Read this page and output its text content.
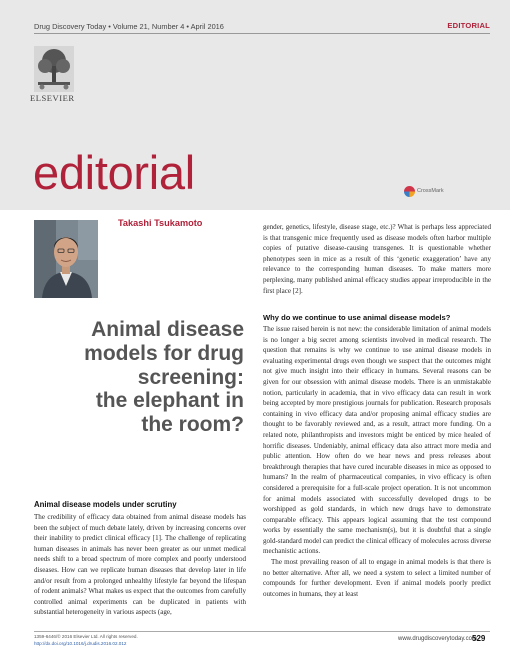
Drug Discovery Today • Volume 21, Number 4 • April 2016	EDITORIAL
ELSEVIER
editorial	CrossMark
Takashi Tsukamoto
Animal disease
models for drug
screening:
the elephant in
the room?
Animal disease models under scrutiny

The credibility of efficacy data obtained from animal disease models has been the subject of much debate lately, driven by increasing concerns over their inability to predict clinical efficacy [1]. The challenge of replicating human diseases in animals has never been greater as our unmet medical needs shift to a broad spectrum of more complex and poorly understood diseases. How can we replicate human diseases that develop later in life and/or result from a prolonged unhealthy lifestyle far beyond the lifespan of rodent animals? What makes us expect that the outcomes from carefully controlled animal experiments can be duplicated in patients with substantial heterogeneity in various aspects (age,

gender, genetics, lifestyle, disease stage, etc.)? What is perhaps less appreciated is that transgenic mice frequently used as disease models often harbor multiple copies of putative disease-causing transgenes. It is questionable whether phenotypes seen in mice as a result of this ‘genetic exaggeration’ have any relevance to the corresponding human diseases. To make matters more perplexing, many published animal efficacy studies appear irreproducible in the first place [2].

Why do we continue to use animal disease models?

The issue raised herein is not new: the considerable limitation of animal models is no longer a big secret among scientists involved in medical research. The question that remains is why we continue to use animal disease models in evaluating experimental drugs even though we suspect that the outcomes might not give much insight into their efficacy in humans. Several reasons can be given for our obsession with animal disease models. There is an unmistakable notion, particularly in academia, that in vivo efficacy data can result in work being accepted by more prestigious journals for publication. Research proposals containing in vivo efficacy data and/or proposing animal efficacy studies are thought to be favorably reviewed and, as a result, attract more funding. On a related note, philanthropists and investors might be enticed by mice healed of horrific diseases. Undeniably, animal efficacy data also attract more media and public attention. How often do we hear news and press releases about breakthrough therapies that have cured incurable diseases in mice as opposed to humans? In the realm of pharmaceutical companies, in vivo efficacy is often considered a prerequisite for a full-scale project operation. It is not uncommon for animal models associated with successfully developed drugs to be worshipped as gold standards, in which new drugs have to demonstrate comparable efficacy. This appears logical assuming that the test compound works by essentially the same mechanism(s), but it is doubtful that a single gold-standard model can predict the clinical efficacy of molecules across diverse mechanistic actions.

The most prevailing reason of all to engage in animal models is that there is no better alternative. After all, we need a system to select a limited number of compounds for further development. Even if animal models poorly predict outcomes in humans, they at least

1359-6446/© 2016 Elsevier Ltd. All rights reserved.
http://dx.doi.org/10.1016/j.drudis.2016.02.012
www.drugdiscoverytoday.com
529
